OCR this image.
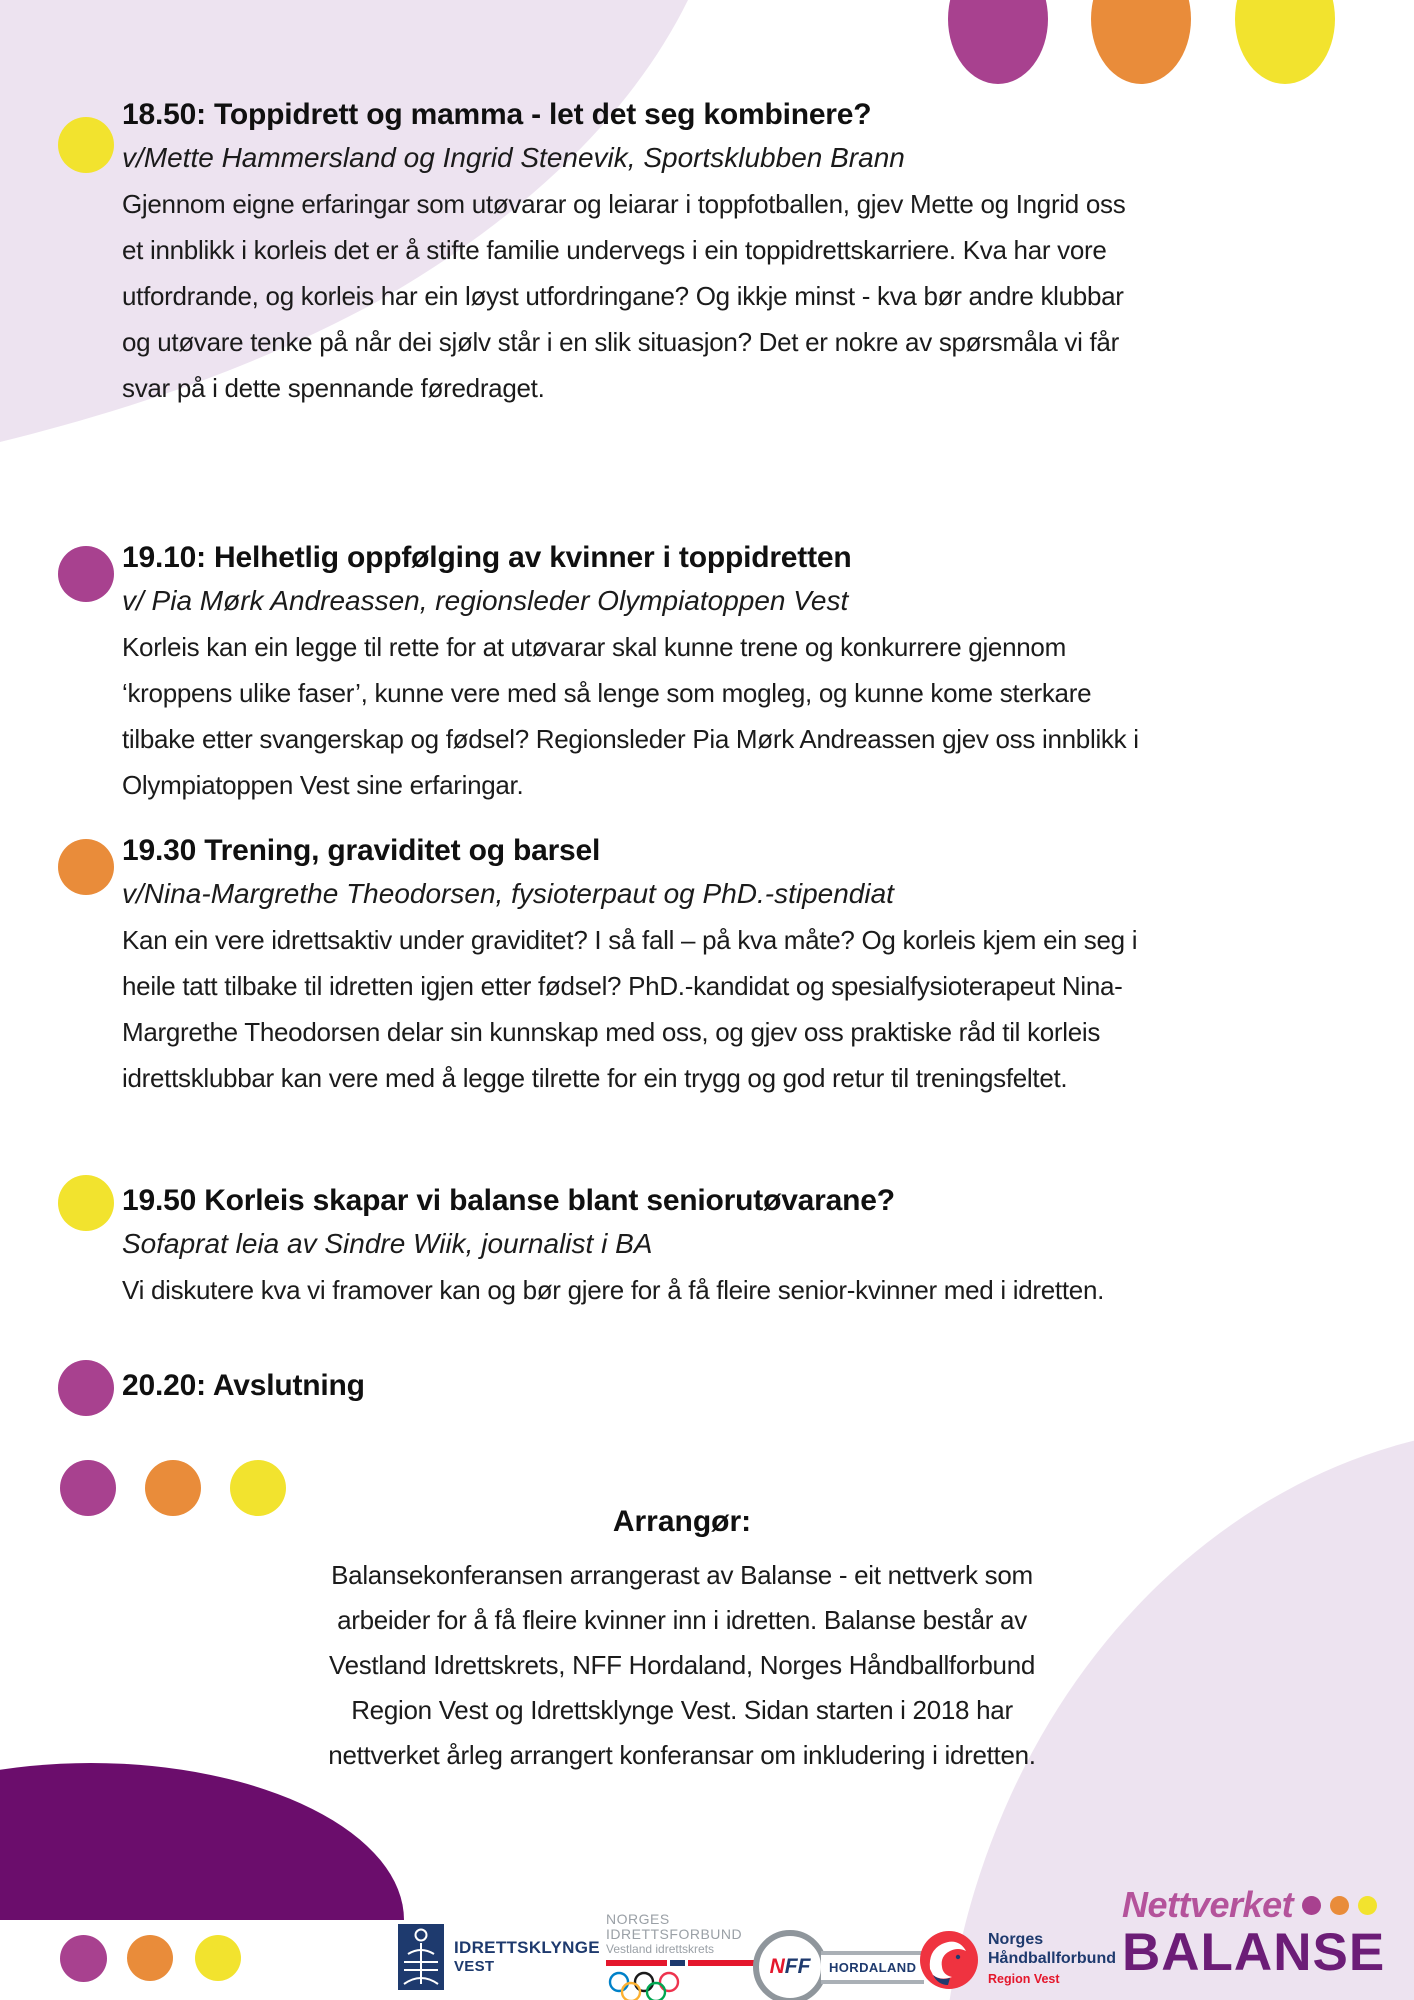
18.50: Toppidrett og mamma - let det seg kombinere?
v/Mette Hammersland og Ingrid Stenevik, Sportsklubben Brann

Gjennom eigne erfaringar som utøvarar og leiarar i toppfotballen, gjev Mette og Ingrid oss et innblikk i korleis det er å stifte familie undervegs i ein toppidrettskarriere. Kva har vore utfordrande, og korleis har ein løyst utfordringane? Og ikkje minst - kva bør andre klubbar og utøvare tenke på når dei sjølv står i en slik situasjon? Det er nokre av spørsmåla vi får svar på i dette spennande føredraget.

19.10: Helhetlig oppfølging av kvinner i toppidretten
v/ Pia Mørk Andreassen, regionsleder Olympiatoppen Vest

Korleis kan ein legge til rette for at utøvarar skal kunne trene og konkurrere gjennom ‘kroppens ulike faser’, kunne vere med så lenge som mogleg, og kunne kome sterkare tilbake etter svangerskap og fødsel? Regionsleder Pia Mørk Andreassen gjev oss innblikk i Olympiatoppen Vest sine erfaringar.

19.30 Trening, graviditet og barsel
v/Nina-Margrethe Theodorsen, fysioterpaut og PhD.-stipendiat

Kan ein vere idrettsaktiv under graviditet? I så fall – på kva måte? Og korleis kjem ein seg i heile tatt tilbake til idretten igjen etter fødsel? PhD.-kandidat og spesialfysioterapeut Nina-Margrethe Theodorsen delar sin kunnskap med oss, og gjev oss praktiske råd til korleis idrettsklubbar kan vere med å legge tilrette for ein trygg og god retur til treningsfeltet.

19.50 Korleis skapar vi balanse blant seniorutøvarane?
Sofaprat leia av Sindre Wiik, journalist i BA

Vi diskutere kva vi framover kan og bør gjere for å få fleire senior-kvinner med i idretten.

20.20: Avslutning
Arrangør:

Balansekonferansen arrangerast av Balanse - eit nettverk som arbeider for å få fleire kvinner inn i idretten. Balanse består av Vestland Idrettskrets, NFF Hordaland, Norges Håndballforbund Region Vest og Idrettsklynge Vest. Sidan starten i 2018 har nettverket årleg arrangert konferansar om inkludering i idretten.

IDRETTSKLYNGE
VEST
NORGES
IDRETTSFORBUND
Vestland idrettskrets
N FF	HORDALAND
Norges
Håndballforbund
Region Vest
Nettverket
BALANSE
